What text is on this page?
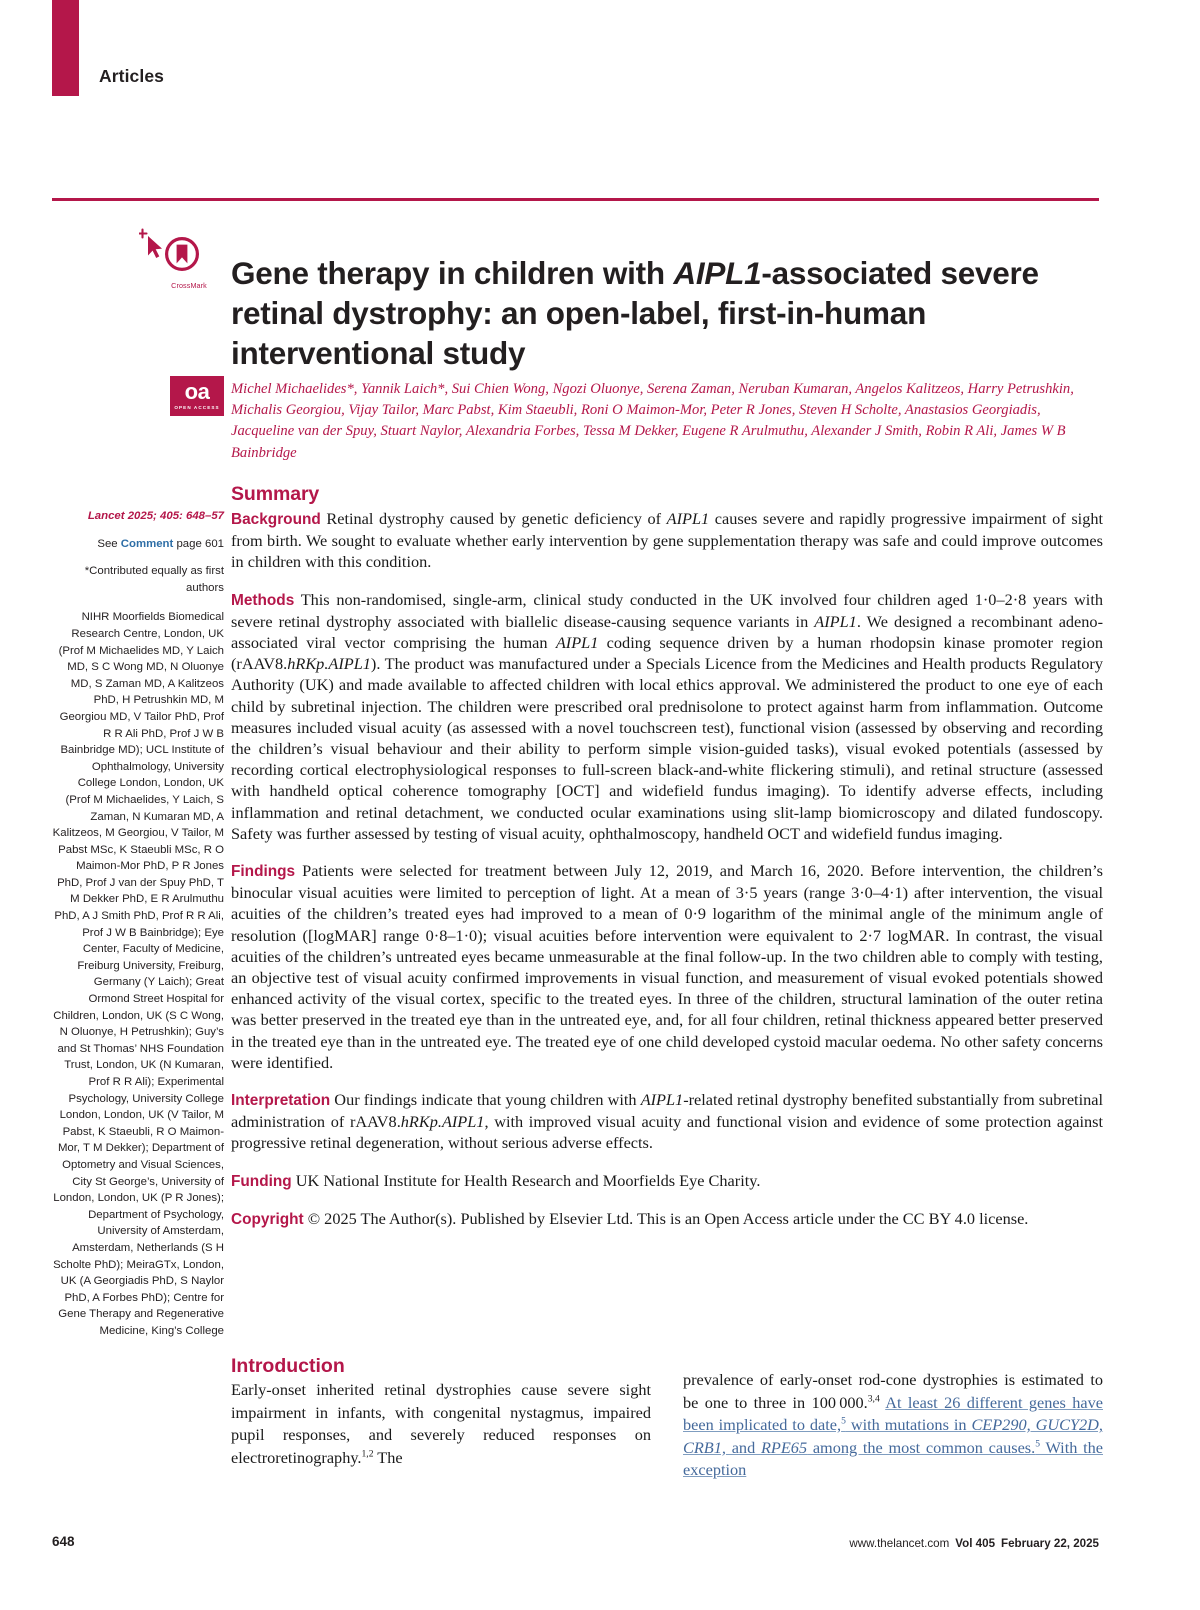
Articles
CrossMark Gene therapy in children with AIPL1-associated severe retinal dystrophy: an open-label, first-in-human interventional study
oa
OPEN ACCESS
Michel Michaelides*, Yannik Laich*, Sui Chien Wong, Ngozi Oluonye, Serena Zaman, Neruban Kumaran, Angelos Kalitzeos, Harry Petrushkin, Michalis Georgiou, Vijay Tailor, Marc Pabst, Kim Staeubli, Roni O Maimon-Mor, Peter R Jones, Steven H Scholte, Anastasios Georgiadis, Jacqueline van der Spuy, Stuart Naylor, Alexandria Forbes, Tessa M Dekker, Eugene R Arulmuthu, Alexander J Smith, Robin R Ali, James W B Bainbridge
Lancet 2025; 405: 648–57
See Comment page 601
*Contributed equally as first authors
NIHR Moorfields Biomedical Research Centre, London, UK (Prof M Michaelides MD, Y Laich MD, S C Wong MD, N Oluonye MD, S Zaman MD, A Kalitzeos PhD, H Petrushkin MD, M Georgiou MD, V Tailor PhD, Prof R R Ali PhD, Prof J W B Bainbridge MD); UCL Institute of Ophthalmology, University College London, London, UK (Prof M Michaelides, Y Laich, S Zaman, N Kumaran MD, A Kalitzeos, M Georgiou, V Tailor, M Pabst MSc, K Staeubli MSc, R O Maimon-Mor PhD, P R Jones PhD, Prof J van der Spuy PhD, T M Dekker PhD, E R Arulmuthu PhD, A J Smith PhD, Prof R R Ali, Prof J W B Bainbridge); Eye Center, Faculty of Medicine, Freiburg University, Freiburg, Germany (Y Laich); Great Ormond Street Hospital for Children, London, UK (S C Wong, N Oluonye, H Petrushkin); Guy’s and St Thomas’ NHS Foundation Trust, London, UK (N Kumaran, Prof R R Ali); Experimental Psychology, University College London, London, UK (V Tailor, M Pabst, K Staeubli, R O Maimon-Mor, T M Dekker); Department of Optometry and Visual Sciences, City St George’s, University of London, London, UK (P R Jones); Department of Psychology, University of Amsterdam, Amsterdam, Netherlands (S H Scholte PhD); MeiraGTx, London, UK (A Georgiadis PhD, S Naylor PhD, A Forbes PhD); Centre for Gene Therapy and Regenerative Medicine, King’s College
Summary

Background Retinal dystrophy caused by genetic deficiency of AIPL1 causes severe and rapidly progressive impairment of sight from birth. We sought to evaluate whether early intervention by gene supplementation therapy was safe and could improve outcomes in children with this condition.

Methods This non-randomised, single-arm, clinical study conducted in the UK involved four children aged 1·0–2·8 years with severe retinal dystrophy associated with biallelic disease-causing sequence variants in AIPL1. We designed a recombinant adeno-associated viral vector comprising the human AIPL1 coding sequence driven by a human rhodopsin kinase promoter region (rAAV8.hRKp.AIPL1). The product was manufactured under a Specials Licence from the Medicines and Health products Regulatory Authority (UK) and made available to affected children with local ethics approval. We administered the product to one eye of each child by subretinal injection. The children were prescribed oral prednisolone to protect against harm from inflammation. Outcome measures included visual acuity (as assessed with a novel touchscreen test), functional vision (assessed by observing and recording the children’s visual behaviour and their ability to perform simple vision-guided tasks), visual evoked potentials (assessed by recording cortical electrophysiological responses to full-screen black-and-white flickering stimuli), and retinal structure (assessed with handheld optical coherence tomography [OCT] and widefield fundus imaging). To identify adverse effects, including inflammation and retinal detachment, we conducted ocular examinations using slit-lamp biomicroscopy and dilated fundoscopy. Safety was further assessed by testing of visual acuity, ophthalmoscopy, handheld OCT and widefield fundus imaging.

Findings Patients were selected for treatment between July 12, 2019, and March 16, 2020. Before intervention, the children’s binocular visual acuities were limited to perception of light. At a mean of 3·5 years (range 3·0–4·1) after intervention, the visual acuities of the children’s treated eyes had improved to a mean of 0·9 logarithm of the minimal angle of the minimum angle of resolution ([logMAR] range 0·8–1·0); visual acuities before intervention were equivalent to 2·7 logMAR. In contrast, the visual acuities of the children’s untreated eyes became unmeasurable at the final follow-up. In the two children able to comply with testing, an objective test of visual acuity confirmed improvements in visual function, and measurement of visual evoked potentials showed enhanced activity of the visual cortex, specific to the treated eyes. In three of the children, structural lamination of the outer retina was better preserved in the treated eye than in the untreated eye, and, for all four children, retinal thickness appeared better preserved in the treated eye than in the untreated eye. The treated eye of one child developed cystoid macular oedema. No other safety concerns were identified.

Interpretation Our findings indicate that young children with AIPL1-related retinal dystrophy benefited substantially from subretinal administration of rAAV8.hRKp.AIPL1, with improved visual acuity and functional vision and evidence of some protection against progressive retinal degeneration, without serious adverse effects.

Funding UK National Institute for Health Research and Moorfields Eye Charity.

Copyright © 2025 The Author(s). Published by Elsevier Ltd. This is an Open Access article under the CC BY 4.0 license.

Introduction

Early-onset inherited retinal dystrophies cause severe sight impairment in infants, with congenital nystagmus, impaired pupil responses, and severely reduced responses on electroretinography.$^{1,2}$ The

prevalence of early-onset rod-cone dystrophies is estimated to be one to three in 100 000.$^{3,4}$ At least 26 different genes have been implicated to date,$^5$ with mutations in CEP290, GUCY2D, CRB1, and RPE65 among the most common causes.$^5$ With the exception

648	www.thelancet.com Vol 405 February 22, 2025
